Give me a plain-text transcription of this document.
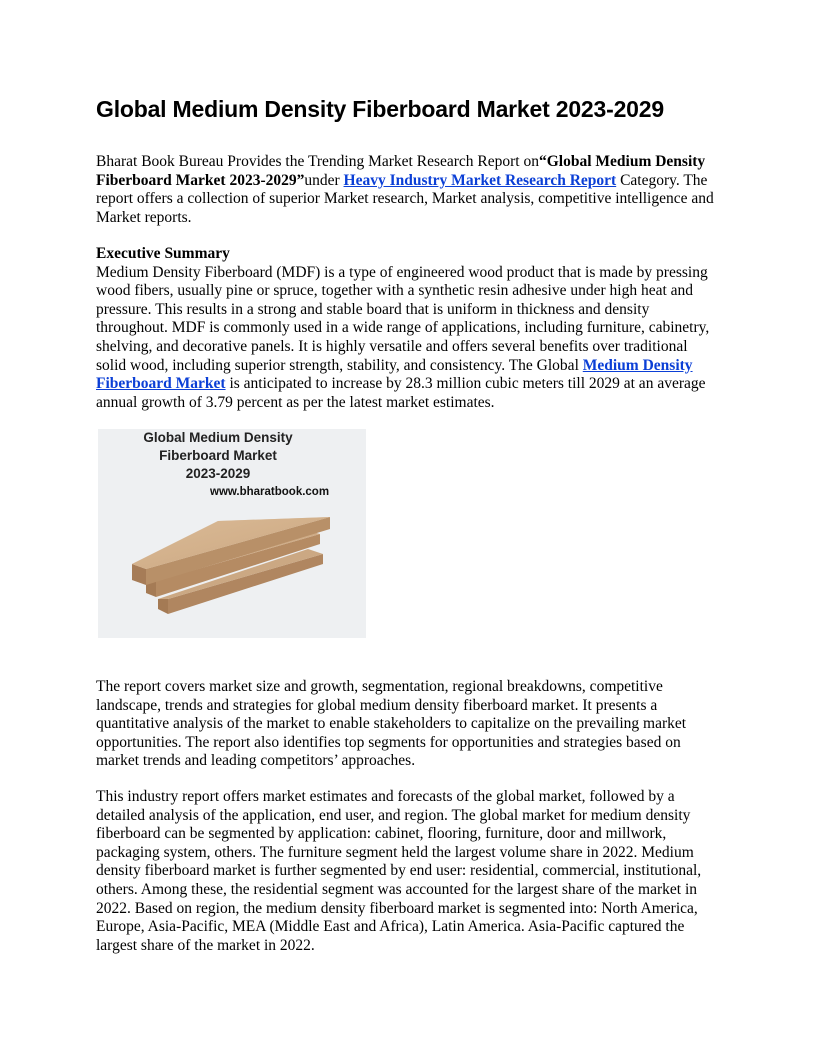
Global Medium Density Fiberboard Market 2023-2029

Bharat Book Bureau Provides the Trending Market Research Report on“Global Medium Density Fiberboard Market 2023-2029”under Heavy Industry Market Research Report Category. The report offers a collection of superior Market research, Market analysis, competitive intelligence and Market reports.

Executive Summary
Medium Density Fiberboard (MDF) is a type of engineered wood product that is made by pressing wood fibers, usually pine or spruce, together with a synthetic resin adhesive under high heat and pressure. This results in a strong and stable board that is uniform in thickness and density throughout. MDF is commonly used in a wide range of applications, including furniture, cabinetry, shelving, and decorative panels. It is highly versatile and offers several benefits over traditional solid wood, including superior strength, stability, and consistency. The Global Medium Density Fiberboard Market is anticipated to increase by 28.3 million cubic meters till 2029 at an average annual growth of 3.79 percent as per the latest market estimates.

Global Medium Density
Fiberboard Market
2023-2029
www.bharatbook.com

The report covers market size and growth, segmentation, regional breakdowns, competitive landscape, trends and strategies for global medium density fiberboard market. It presents a quantitative analysis of the market to enable stakeholders to capitalize on the prevailing market opportunities. The report also identifies top segments for opportunities and strategies based on market trends and leading competitors’ approaches.

This industry report offers market estimates and forecasts of the global market, followed by a detailed analysis of the application, end user, and region. The global market for medium density fiberboard can be segmented by application: cabinet, flooring, furniture, door and millwork, packaging system, others. The furniture segment held the largest volume share in 2022. Medium density fiberboard market is further segmented by end user: residential, commercial, institutional, others. Among these, the residential segment was accounted for the largest share of the market in 2022. Based on region, the medium density fiberboard market is segmented into: North America, Europe, Asia-Pacific, MEA (Middle East and Africa), Latin America. Asia-Pacific captured the largest share of the market in 2022.
